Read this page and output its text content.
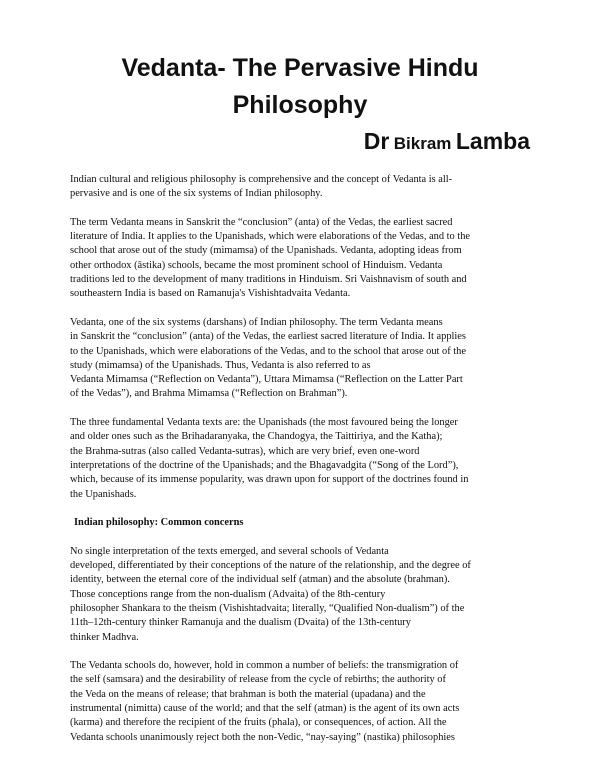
Vedanta- The Pervasive Hindu
Philosophy
Dr Bikram Lamba

Indian cultural and religious philosophy is comprehensive and the concept of Vedanta is all-
pervasive and is one of the six systems of Indian philosophy.

The term Vedanta means in Sanskrit the “conclusion” (anta) of the Vedas, the earliest sacred
literature of India. It applies to the Upanishads, which were elaborations of the Vedas, and to the
school that arose out of the study (mimamsa) of the Upanishads. Vedanta, adopting ideas from
other orthodox (āstika) schools, became the most prominent school of Hinduism. Vedanta
traditions led to the development of many traditions in Hinduism. Sri Vaishnavism of south and
southeastern India is based on Ramanuja's Vishishtadvaita Vedanta.

Vedanta, one of the six systems (darshans) of Indian philosophy. The term Vedanta means
in Sanskrit the “conclusion” (anta) of the Vedas, the earliest sacred literature of India. It applies
to the Upanishads, which were elaborations of the Vedas, and to the school that arose out of the
study (mimamsa) of the Upanishads. Thus, Vedanta is also referred to as
Vedanta Mimamsa (“Reflection on Vedanta”), Uttara Mimamsa (“Reflection on the Latter Part
of the Vedas”), and Brahma Mimamsa (“Reflection on Brahman”).

The three fundamental Vedanta texts are: the Upanishads (the most favoured being the longer
and older ones such as the Brihadaranyaka, the Chandogya, the Taittiriya, and the Katha);
the Brahma-sutras (also called Vedanta-sutras), which are very brief, even one-word
interpretations of the doctrine of the Upanishads; and the Bhagavadgita (“Song of the Lord”),
which, because of its immense popularity, was drawn upon for support of the doctrines found in
the Upanishads.

Indian philosophy: Common concerns

No single interpretation of the texts emerged, and several schools of Vedanta
developed, differentiated by their conceptions of the nature of the relationship, and the degree of
identity, between the eternal core of the individual self (atman) and the absolute (brahman).
Those conceptions range from the non-dualism (Advaita) of the 8th-century
philosopher Shankara to the theism (Vishishtadvaita; literally, “Qualified Non-dualism”) of the
11th–12th-century thinker Ramanuja and the dualism (Dvaita) of the 13th-century
thinker Madhva.

The Vedanta schools do, however, hold in common a number of beliefs: the transmigration of
the self (samsara) and the desirability of release from the cycle of rebirths; the authority of
the Veda on the means of release; that brahman is both the material (upadana) and the
instrumental (nimitta) cause of the world; and that the self (atman) is the agent of its own acts
(karma) and therefore the recipient of the fruits (phala), or consequences, of action. All the
Vedanta schools unanimously reject both the non-Vedic, “nay-saying” (nastika) philosophies
